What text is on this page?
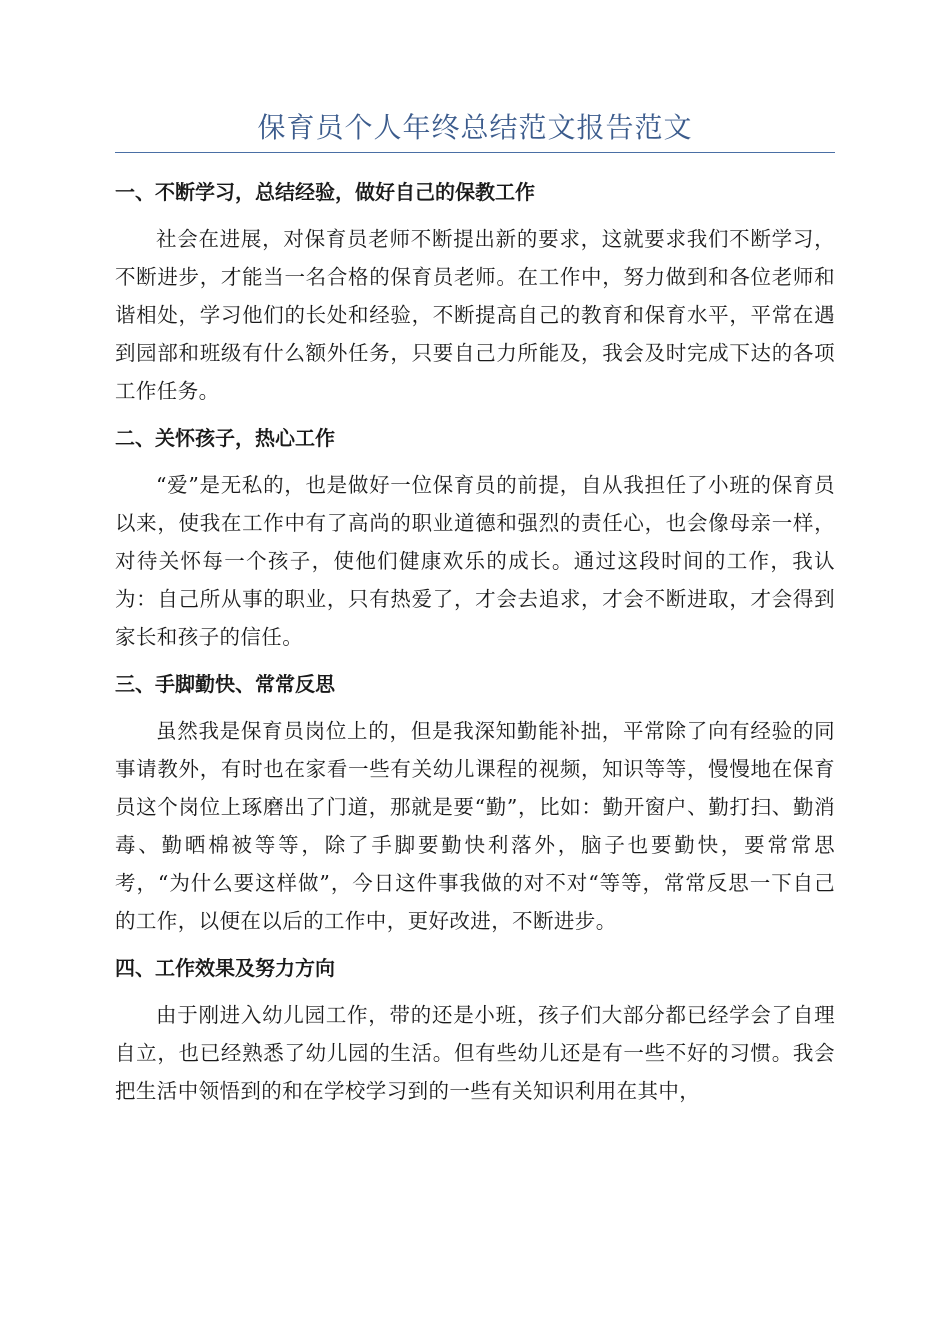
保育员个人年终总结范文报告范文
一、不断学习，总结经验，做好自己的保教工作

社会在进展，对保育员老师不断提出新的要求，这就要求我们不断学习，不断进步，才能当一名合格的保育员老师。在工作中，努力做到和各位老师和谐相处，学习他们的长处和经验，不断提高自己的教育和保育水平，平常在遇到园部和班级有什么额外任务，只要自己力所能及，我会及时完成下达的各项工作任务。

二、关怀孩子，热心工作

“爱”是无私的，也是做好一位保育员的前提，自从我担任了小班的保育员以来，使我在工作中有了高尚的职业道德和强烈的责任心，也会像母亲一样，对待关怀每一个孩子，使他们健康欢乐的成长。通过这段时间的工作，我认为：自己所从事的职业，只有热爱了，才会去追求，才会不断进取，才会得到家长和孩子的信任。

三、手脚勤快、常常反思

虽然我是保育员岗位上的，但是我深知勤能补拙，平常除了向有经验的同事请教外，有时也在家看一些有关幼儿课程的视频，知识等等，慢慢地在保育员这个岗位上琢磨出了门道，那就是要“勤”，比如：勤开窗户、勤打扫、勤消毒、勤晒棉被等等，除了手脚要勤快利落外，脑子也要勤快，要常常思考，“为什么要这样做”，今日这件事我做的对不对“等等，常常反思一下自己的工作，以便在以后的工作中，更好改进，不断进步。

四、工作效果及努力方向

由于刚进入幼儿园工作，带的还是小班，孩子们大部分都已经学会了自理自立，也已经熟悉了幼儿园的生活。但有些幼儿还是有一些不好的习惯。我会把生活中领悟到的和在学校学习到的一些有关知识利用在其中，
